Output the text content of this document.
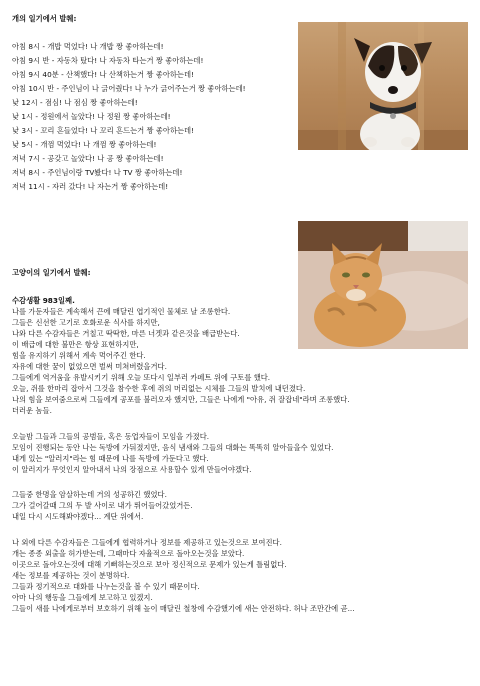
개의 일기에서 발췌:
아침 8시 - 개밥 먹었다! 나 개밥 짱 좋아하는데!
아침 9시 반 - 자동차 탔다! 나 자동차 타는거 짱 좋아하는데!
아침 9시 40분 - 산책했다! 나 산책하는거 짱 좋아하는데!
아침 10시 반 - 주인님이 나 긁어줬다! 나 누가 긁어주는거 짱 좋아하는데!
낮 12시 - 점심! 나 점심 짱 좋아하는데!
낮 1시 - 정원에서 놀았다! 나 정원 짱 좋아하는데!
낮 3시 - 꼬리 흔들었다! 나 꼬리 흔드는거 짱 좋아하는데!
낮 5시 - 개껌 먹었다! 나 개껌 짱 좋아하는데!
저녁 7시 - 공갖고 놀았다! 나 공 짱 좋아하는데!
저녁 8시 - 주인님이랑 TV봤다! 나 TV 짱 좋아하는데!
저녁 11시 - 자러 갔다! 나 자는거 짱 좋아하는데!
고양이의 일기에서 발췌:
수감생활 983일째.
나를 가둔자들은 계속해서 끈에 매달린 엽기적인 물체로 날 조롱한다.
그들은 신선한 고기로 호화로운 식사를 하지만,
나와 다른 수감자들은 거칠고 딱딱한, 마른 너겟과 같은것을 배급받는다.
이 배급에 대한 불만은 항상 표현하지만,
힘을 유지하기 위해서 계속 먹어주긴 한다.
자유에 대한 꿈이 없었으면 벌써 미쳐버렸을거다.
그들에게 역겨움을 유발시키기 위해 오늘 또다시 일부러 카페트 위에 구토를 했다.
오늘, 쥐를 한마리 잡아서 그것을 참수한 후에 쥐의 머리없는 시체를 그들의 발치에 내던졌다.
나의 힘을 보여줌으로써 그들에게 공포를 불러오자 했지만, 그들은 나에게 "아유, 쥐 잘잡네"라며 조롱했다.
더러운 놈들.
오늘밤 그들과 그들의 공범들, 혹은 동업자들이 모임을 가졌다.
모임이 진행되는 동안 나는 독방에 가둬졌지만, 음식 냄새와 그들의 대화는 똑똑히 알아들을수 있었다.
내게 있는 "알러지"라는 힘 때문에 나를 독방에 가둔다고 했다.
이 알러지가 무엇인지 알아내서 나의 장점으로 사용할수 있게 만들어야겠다.
그들중 한명을 암살하는데 거의 성공하긴 했었다.
그가 걸어갈때 그의 두 발 사이로 내가 뛰어들어갔었거든.
내일 다시 시도해봐야겠다... 계단 위에서.
나 외에 다른 수감자들은 그들에게 협력하거나 정보를 제공하고 있는것으로 보여진다.
개는 종종 외출을 허가받는데, 그때마다 자율적으로 돌아오는것을 보았다.
이곳으로 돌아오는것에 대해 기뻐하는것으로 보아 정신적으로 문제가 있는게 틀림없다.
새는 정보를 제공하는 것이 분명하다.
그들과 정기적으로 대화를 나누는것을 볼 수 있기 때문이다.
아마 나의 행동을 그들에게 보고하고 있겠지.
그들이 새를 나에게로부터 보호하기 위해 높이 매달린 철창에 수감했기에 새는 안전하다. 허나 조만간에 곧...
